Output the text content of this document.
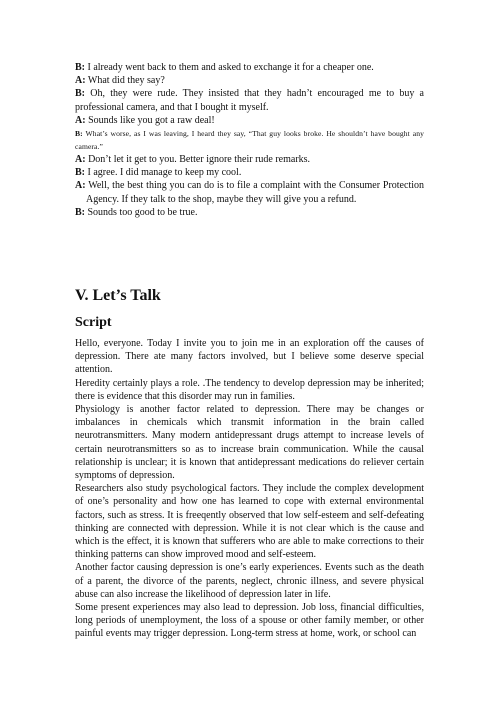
B: I already went back to them and asked to exchange it for a cheaper one.

A: What did they say?

B: Oh, they were rude. They insisted that they hadn’t encouraged me to buy a professional camera, and that I bought it myself.

A: Sounds like you got a raw deal!

B: What’s worse, as I was leaving, I heard they say, “That guy looks broke. He shouldn’t have bought any camera.”

A: Don’t let it get to you. Better ignore their rude remarks.

B: I agree. I did manage to keep my cool.

A: Well, the best thing you can do is to file a complaint with the Consumer Protection Agency. If they talk to the shop, maybe they will give you a refund.

B: Sounds too good to be true.

V. Let’s Talk
Script

Hello, everyone. Today I invite you to join me in an exploration off the causes of depression. There ate many factors involved, but I believe some deserve special attention.

Heredity certainly plays a role. .The tendency to develop depression may be inherited; there is evidence that this disorder may run in families.

Physiology is another factor related to depression. There may be changes or imbalances in chemicals which transmit information in the brain called neurotransmitters. Many modern antidepressant drugs attempt to increase levels of certain neurotransmitters so as to increase brain communication. While the causal relationship is unclear; it is known that antidepressant medications do reliever certain symptoms of depression.

Researchers also study psychological factors. They include the complex development of one’s personality and how one has learned to cope with external environmental factors, such as stress. It is freeqently observed that low self-esteem and self-defeating thinking are connected with depression. While it is not clear which is the cause and which is the effect, it is known that sufferers who are able to make corrections to their thinking patterns can show improved mood and self-esteem.

Another factor causing depression is one’s early experiences. Events such as the death of a parent, the divorce of the parents, neglect, chronic illness, and severe physical abuse can also increase the likelihood of depression later in life.

Some present experiences may also lead to depression. Job loss, financial difficulties, long periods of unemployment, the loss of a spouse or other family member, or other painful events may trigger depression. Long-term stress at home, work, or school can
